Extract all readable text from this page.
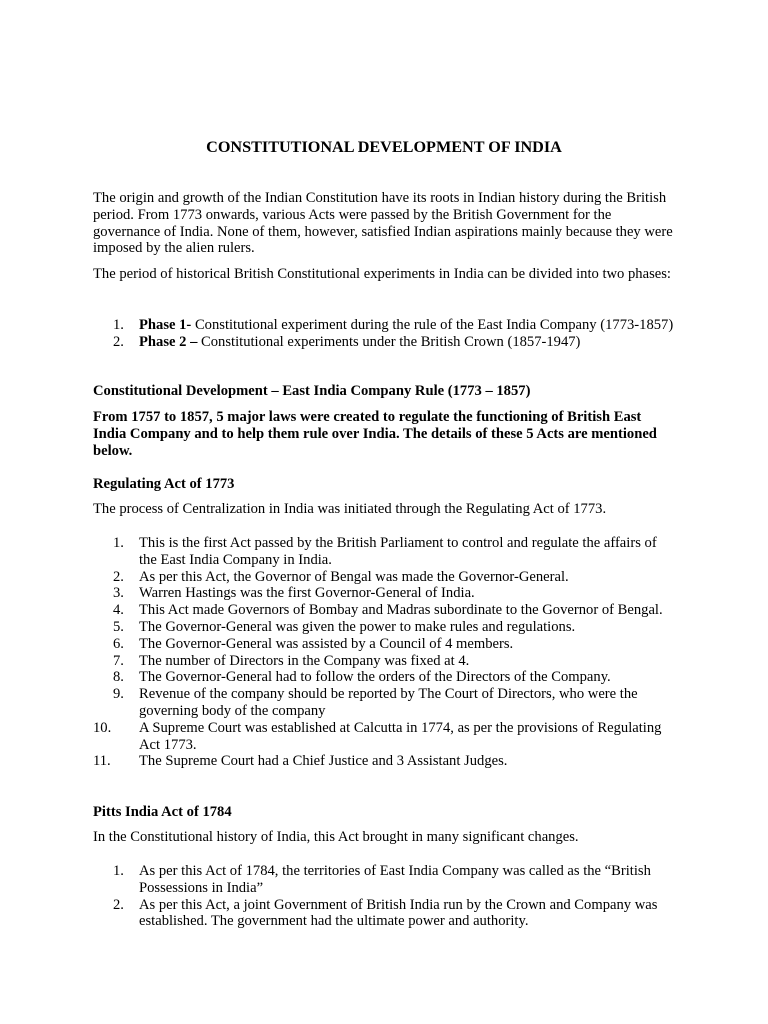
CONSTITUTIONAL DEVELOPMENT OF INDIA

The origin and growth of the Indian Constitution have its roots in Indian history during the British period. From 1773 onwards, various Acts were passed by the British Government for the governance of India. None of them, however, satisfied Indian aspirations mainly because they were imposed by the alien rulers.

The period of historical British Constitutional experiments in India can be divided into two phases:

1. Phase 1- Constitutional experiment during the rule of the East India Company (1773-1857)
2. Phase 2 – Constitutional experiments under the British Crown (1857-1947)

Constitutional Development – East India Company Rule (1773 – 1857)

From 1757 to 1857, 5 major laws were created to regulate the functioning of British East India Company and to help them rule over India. The details of these 5 Acts are mentioned below.

Regulating Act of 1773

The process of Centralization in India was initiated through the Regulating Act of 1773.

1. This is the first Act passed by the British Parliament to control and regulate the affairs of the East India Company in India.
2. As per this Act, the Governor of Bengal was made the Governor-General.
3. Warren Hastings was the first Governor-General of India.
4. This Act made Governors of Bombay and Madras subordinate to the Governor of Bengal.
5. The Governor-General was given the power to make rules and regulations.
6. The Governor-General was assisted by a Council of 4 members.
7. The number of Directors in the Company was fixed at 4.
8. The Governor-General had to follow the orders of the Directors of the Company.
9. Revenue of the company should be reported by The Court of Directors, who were the governing body of the company
10. A Supreme Court was established at Calcutta in 1774, as per the provisions of Regulating Act 1773.
11. The Supreme Court had a Chief Justice and 3 Assistant Judges.

Pitts India Act of 1784

In the Constitutional history of India, this Act brought in many significant changes.

1. As per this Act of 1784, the territories of East India Company was called as the “British Possessions in India”
2. As per this Act, a joint Government of British India run by the Crown and Company was established. The government had the ultimate power and authority.
